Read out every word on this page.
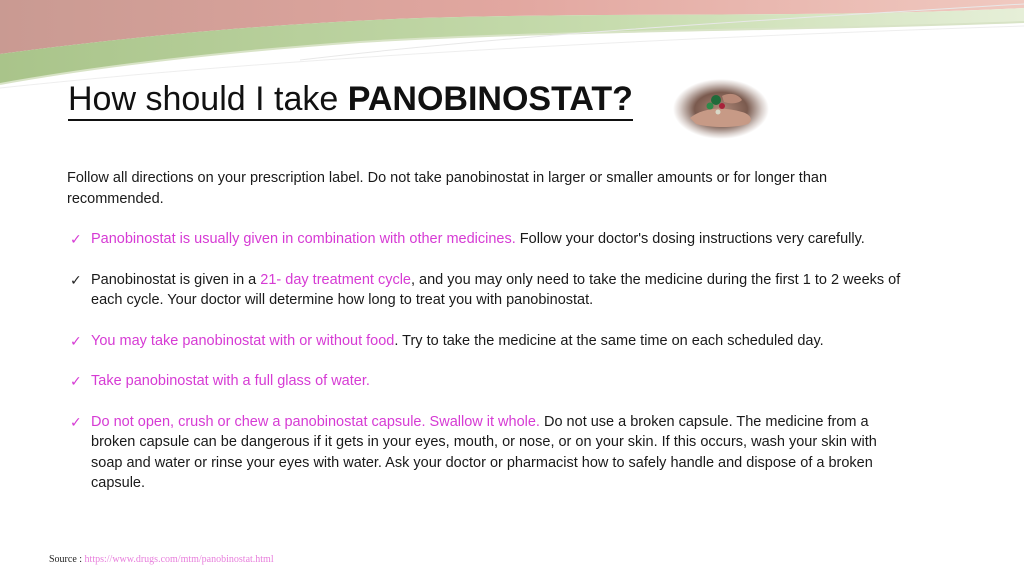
How should I take PANOBINOSTAT?

Follow all directions on your prescription label. Do not take panobinostat in larger or smaller amounts or for longer than recommended.

✓ Panobinostat is usually given in combination with other medicines. Follow your doctor's dosing instructions very carefully.
✓ Panobinostat is given in a 21- day treatment cycle, and you may only need to take the medicine during the first 1 to 2 weeks of each cycle. Your doctor will determine how long to treat you with panobinostat.
✓ You may take panobinostat with or without food. Try to take the medicine at the same time on each scheduled day.
✓ Take panobinostat with a full glass of water.
✓ Do not open, crush or chew a panobinostat capsule. Swallow it whole. Do not use a broken capsule. The medicine from a broken capsule can be dangerous if it gets in your eyes, mouth, or nose, or on your skin. If this occurs, wash your skin with soap and water or rinse your eyes with water. Ask your doctor or pharmacist how to safely handle and dispose of a broken capsule.
Source : https://www.drugs.com/mtm/panobinostat.html
